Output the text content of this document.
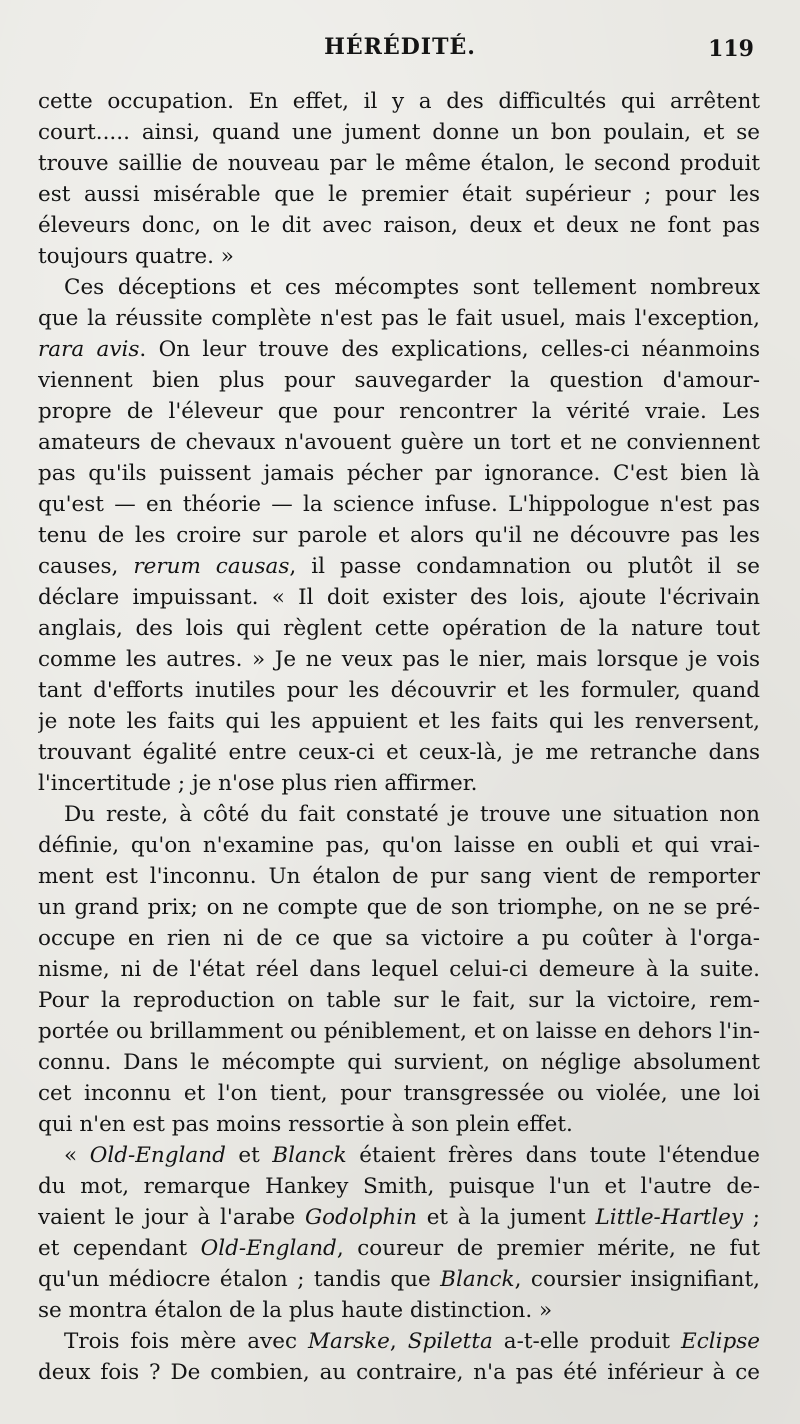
HÉRÉDITÉ.	119
cette occupation. En effet, il y a des difficultés qui arrêtent
court..... ainsi, quand une jument donne un bon poulain, et se
trouve saillie de nouveau par le même étalon, le second produit
est aussi misérable que le premier était supérieur ; pour les
éleveurs donc, on le dit avec raison, deux et deux ne font pas
toujours quatre. »
Ces déceptions et ces mécomptes sont tellement nombreux
que la réussite complète n'est pas le fait usuel, mais l'exception,
rara avis. On leur trouve des explications, celles-ci néanmoins
viennent bien plus pour sauvegarder la question d'amour-
propre de l'éleveur que pour rencontrer la vérité vraie. Les
amateurs de chevaux n'avouent guère un tort et ne conviennent
pas qu'ils puissent jamais pécher par ignorance. C'est bien là
qu'est — en théorie — la science infuse. L'hippologue n'est pas
tenu de les croire sur parole et alors qu'il ne découvre pas les
causes, rerum causas, il passe condamnation ou plutôt il se
déclare impuissant. « Il doit exister des lois, ajoute l'écrivain
anglais, des lois qui règlent cette opération de la nature tout
comme les autres. » Je ne veux pas le nier, mais lorsque je vois
tant d'efforts inutiles pour les découvrir et les formuler, quand
je note les faits qui les appuient et les faits qui les renversent,
trouvant égalité entre ceux-ci et ceux-là, je me retranche dans
l'incertitude ; je n'ose plus rien affirmer.
Du reste, à côté du fait constaté je trouve une situation non
définie, qu'on n'examine pas, qu'on laisse en oubli et qui vrai-
ment est l'inconnu. Un étalon de pur sang vient de remporter
un grand prix; on ne compte que de son triomphe, on ne se pré-
occupe en rien ni de ce que sa victoire a pu coûter à l'orga-
nisme, ni de l'état réel dans lequel celui-ci demeure à la suite.
Pour la reproduction on table sur le fait, sur la victoire, rem-
portée ou brillamment ou péniblement, et on laisse en dehors l'in-
connu. Dans le mécompte qui survient, on néglige absolument
cet inconnu et l'on tient, pour transgressée ou violée, une loi
qui n'en est pas moins ressortie à son plein effet.
« Old-England et Blanck étaient frères dans toute l'étendue
du mot, remarque Hankey Smith, puisque l'un et l'autre de-
vaient le jour à l'arabe Godolphin et à la jument Little-Hartley ;
et cependant Old-England, coureur de premier mérite, ne fut
qu'un médiocre étalon ; tandis que Blanck, coursier insignifiant,
se montra étalon de la plus haute distinction. »
Trois fois mère avec Marske, Spiletta a-t-elle produit Eclipse
deux fois ? De combien, au contraire, n'a pas été inférieur à ce
